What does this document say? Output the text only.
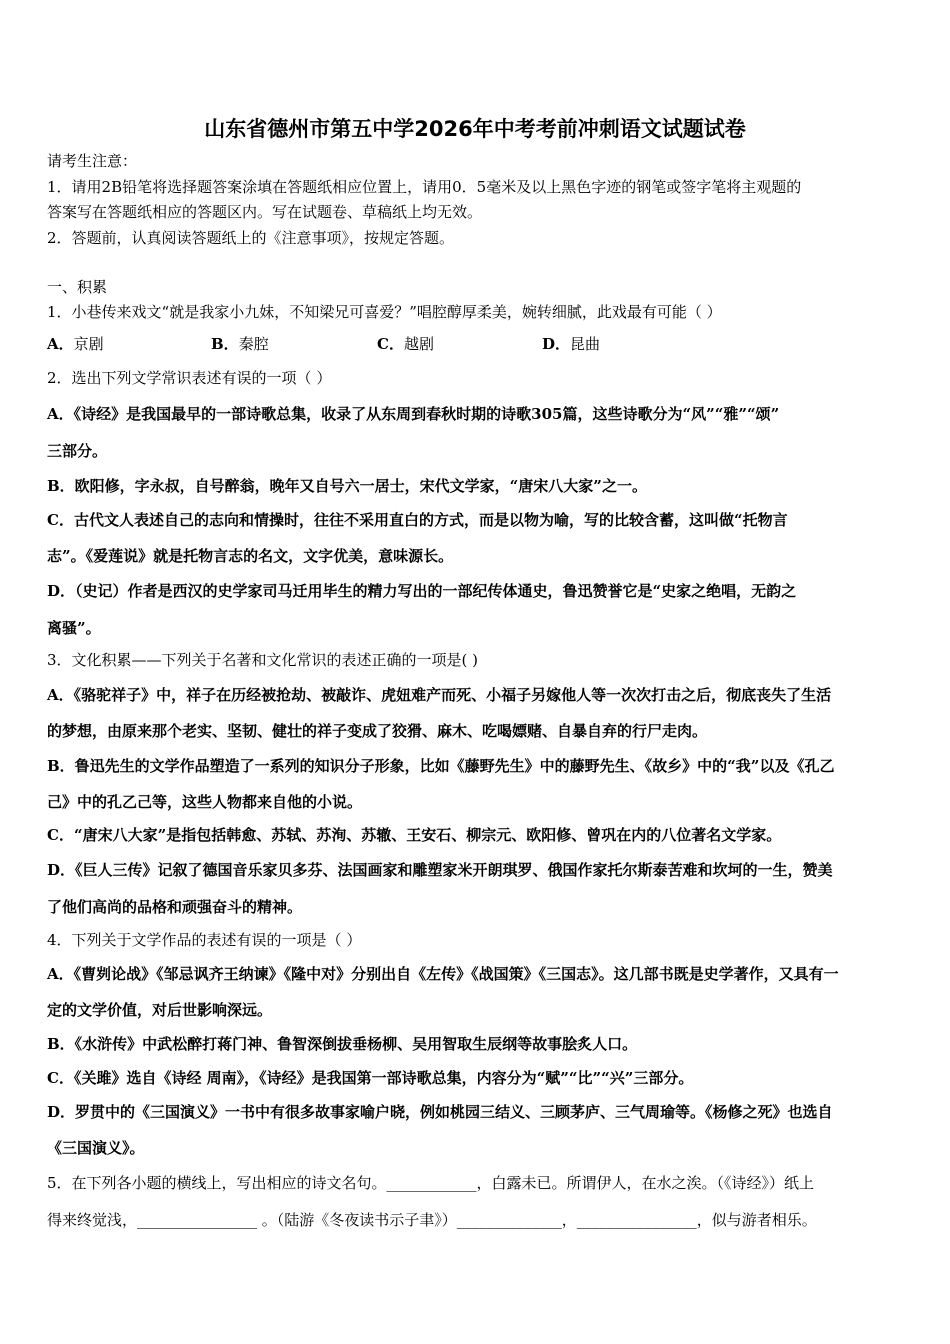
山东省德州市第五中学2026年中考考前冲刺语文试题试卷
请考生注意：
1．请用2B铅笔将选择题答案涂填在答题纸相应位置上，请用0．5毫米及以上黑色字迹的钢笔或签字笔将主观题的
答案写在答题纸相应的答题区内。写在试题卷、草稿纸上均无效。
2．答题前，认真阅读答题纸上的《注意事项》，按规定答题。
一、积累
1．小巷传来戏文“就是我家小九妹，不知梁兄可喜爱？”唱腔醇厚柔美，婉转细腻，此戏最有可能（ ）
A．京剧	B．秦腔	C．越剧	D．昆曲
2．选出下列文学常识表述有误的一项（ ）
A．《诗经》是我国最早的一部诗歌总集，收录了从东周到春秋时期的诗歌305篇，这些诗歌分为“风”“雅”“颂”
三部分。
B．欧阳修，字永叔，自号醉翁，晚年又自号六一居士，宋代文学家，“唐宋八大家”之一。
C．古代文人表述自己的志向和情操时，往往不采用直白的方式，而是以物为喻，写的比较含蓄，这叫做“托物言
志”。《爱莲说》就是托物言志的名文，文字优美，意味源长。
D．（史记）作者是西汉的史学家司马迁用毕生的精力写出的一部纪传体通史，鲁迅赞誉它是“史家之绝唱，无韵之
离骚”。
3．文化积累——下列关于名著和文化常识的表述正确的一项是( )
A．《骆驼祥子》中，祥子在历经被抢劫、被敲诈、虎妞难产而死、小福子另嫁他人等一次次打击之后，彻底丧失了生活
的梦想，由原来那个老实、坚韧、健壮的祥子变成了狡猾、麻木、吃喝嫖赌、自暴自弃的行尸走肉。
B．鲁迅先生的文学作品塑造了一系列的知识分子形象，比如《藤野先生》中的藤野先生、《故乡》中的“我”以及《孔乙
己》中的孔乙己等，这些人物都来自他的小说。
C．“唐宋八大家”是指包括韩愈、苏轼、苏洵、苏辙、王安石、柳宗元、欧阳修、曾巩在内的八位著名文学家。
D．《巨人三传》记叙了德国音乐家贝多芬、法国画家和雕塑家米开朗琪罗、俄国作家托尔斯泰苦难和坎坷的一生，赞美
了他们高尚的品格和顽强奋斗的精神。
4．下列关于文学作品的表述有误的一项是（ ）
A．《曹刿论战》《邹忌讽齐王纳谏》《隆中对》分别出自《左传》《战国策》《三国志》。这几部书既是史学著作，又具有一
定的文学价值，对后世影响深远。
B．《水浒传》中武松醉打蒋门神、鲁智深倒拔垂杨柳、吴用智取生辰纲等故事脍炙人口。
C．《关雎》选自《诗经 周南》，《诗经》是我国第一部诗歌总集，内容分为“赋”“比”“兴”三部分。
D．罗贯中的《三国演义》一书中有很多故事家喻户晓，例如桃园三结义、三顾茅庐、三气周瑜等。《杨修之死》也选自
《三国演义》。
5．在下列各小题的横线上，写出相应的诗文名句。____________，白露未已。所谓伊人，在水之涘。（《诗经》）纸上
得来终觉浅，________________ 。（陆游《冬夜读书示子聿》）______________，________________，似与游者相乐。
